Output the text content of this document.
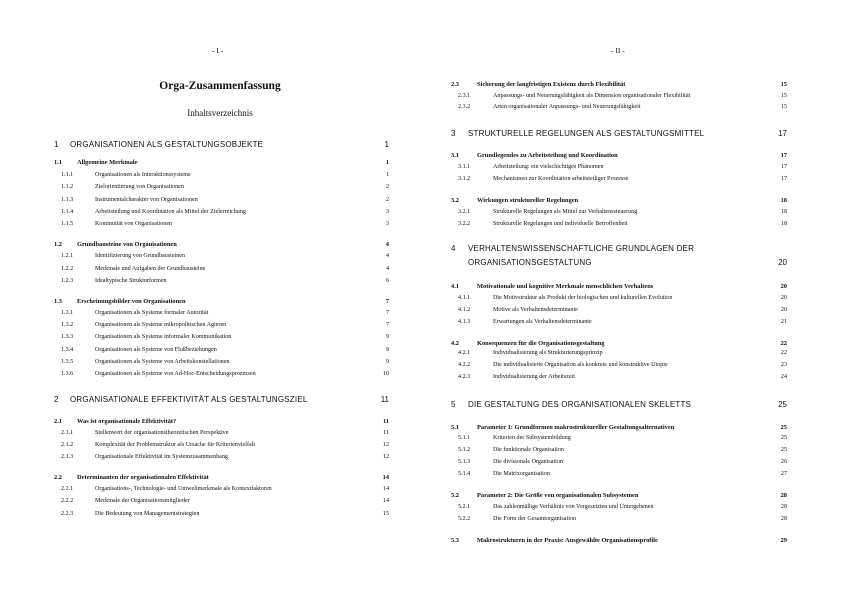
- I -
Orga-Zusammenfassung
Inhaltsverzeichnis
1 ORGANISATIONEN ALS GESTALTUNGSOBJEKTE	1
1.1 Allgemeine Merkmale	1
1.1.1	Organisationen als Interaktionssysteme	1
1.1.2	Zielorientierung von Organisationen	2
1.1.3	Instrumentalcharakter von Organisationen	2
1.1.4	Arbeitsteilung und Koordination als Mittel der Zielerreichung	3
1.1.5	Kontinuität von Organisationen	3
1.2 Grundbausteine von Organisationen	4
1.2.1	Identifizierung von Grundbausteinen	4
1.2.2	Merkmale und Aufgaben der Grundbausteine	4
1.2.3	Idealtypische Strukturformen	6
1.3 Erscheinungsbilder von Organisationen	7
1.3.1	Organisationen als Systeme formaler Autorität	7
1.3.2	Organisationen als Systeme mikropolitischen Agieren	7
1.3.3	Organisationen als Systeme informaler Kommunikation	9
1.3.4	Organisationen als Systeme von Flußbeziehungen	9
1.3.5	Organisationen als Systeme von Arbeitskonstellationen	9
1.3.6	Organisationen als Systeme von Ad-Hoc-Entscheidungsprozessen	10
2 ORGANISATIONALE EFFEKTIVITÄT ALS GESTALTUNGSZIEL	11
2.1 Was ist organisationale Effektivität?	11
2.1.1	Stellenwert der organisationstheoretischen Perspektive	11
2.1.2	Komplexität der Problemstruktur als Ursache für Kriterienvielfalt	12
2.1.3	Organisationale Effektivität im Systemzusammenhang	12
2.2 Determinanten der organisationalen Effektivität	14
2.2.1	Organisations-, Technologie- und Umweltmerkmale als Kontextfaktoren	14
2.2.2	Merkmale der Organisationsmitglieder	14
2.2.3	Die Bedeutung von Managementstrategien	15
- II -
2.3	Sicherung der langfristigen Existenz durch Flexibilität	15
2.3.1	Anpassungs- und Neuerungsfähigkeit als Dimension organisationaler Flexibilität	15
2.3.2	Arten organisationaler Anpassungs- und Neuerungsfähigkeit	15
3 STRUKTURELLE REGELUNGEN ALS GESTALTUNGSMITTEL	17
3.1	Grundlegendes zu Arbeitsteilung und Koordination	17
3.1.1	Arbeitsteilung: ein vielschichtiges Phänomen	17
3.1.2	Mechanismen zur Koordination arbeitsteiliger Prozesse	17
3.2	Wirkungen struktureller Regelungen	18
3.2.1	Strukturelle Regelungen als Mittel zur Verhaltenssteuerung	18
3.2.2	Strukturelle Regelungen und individuelle Betroffenheit	18
4 VERHALTENSWISSENSCHAFTLICHE GRUNDLAGEN DER
ORGANISATIONSGESTALTUNG	20
4.1	Motivationale und kognitive Merkmale menschlichen Verhaltens	20
4.1.1	Die Motivstruktur als Produkt der biologischen und kulturellen Evolution	20
4.1.2	Motive als Verhaltensdeterminante	20
4.1.3	Erwartungen als Verhaltensdeterminante	21
4.2	Konsequenzen für die Organisationsgestaltung	22
4.2.1	Individualisierung als Strukturierungsprinzip	22
4.2.2	Die individualisierte Organisation als konkrete und konstruktive Utopie	23
4.2.3	Individualisierung der Arbeitszeit	24
5 DIE GESTALTUNG DES ORGANISATIONALEN SKELETTS	25
5.1	Parameter 1: Grundformen makrostruktureller Gestaltungsalternativen	25
5.1.1	Kriterien der Subsystembildung	25
5.1.2	Die funktionale Organisation	25
5.1.3	Die divisionale Organisation	26
5.1.4	Die Matrixorganisation	27
5.2	Parameter 2: Die Größe von organisationalen Subsystemen	28
5.2.1	Das zahlenmäßige Verhältnis von Vorgesetzten und Untergebenen	28
5.2.2	Die Form der Gesamtorganisation	28
5.3	Makrostrukturen in der Praxis: Ausgewählte Organisationsprofile	29
